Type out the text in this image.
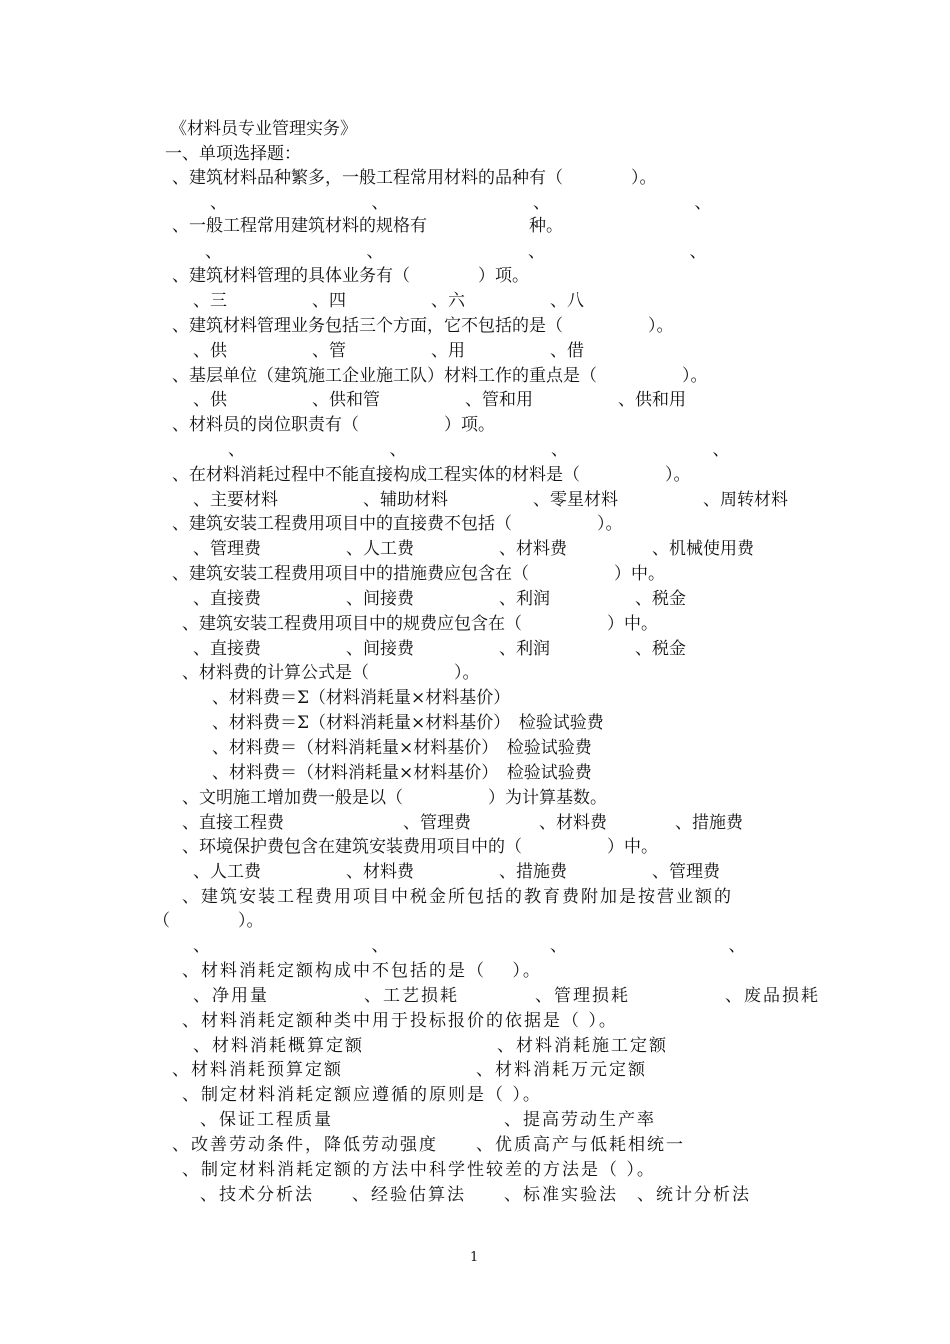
《材料员专业管理实务》
一、单项选择题：
、建筑材料品种繁多，一般工程常用材料的品种有（　　　　）。
、　　　　　　　　　、　　　　　　　　　、　　　　　　　　　、
、一般工程常用建筑材料的规格有　　　　　　种。
、　　　　　　　　　、　　　　　　　　　、　　　　　　　　　、
、建筑材料管理的具体业务有（　　　　）项。
、三　　　　　、四　　　　　、六　　　　　、八
、建筑材料管理业务包括三个方面，它不包括的是（　　　　　）。
、供　　　　　、管　　　　　、用　　　　　、借
、基层单位（建筑施工企业施工队）材料工作的重点是（　　　　　）。
、供　　　　　、供和管　　　　　、管和用　　　　　、供和用
、材料员的岗位职责有（　　　　　）项。
、　　　　　　　　　、　　　　　　　　　、　　　　　　　　　、
、在材料消耗过程中不能直接构成工程实体的材料是（　　　　　）。
、主要材料　　　　　、辅助材料　　　　　、零星材料　　　　　、周转材料
、建筑安装工程费用项目中的直接费不包括（　　　　　）。
、管理费　　　　　、人工费　　　　　、材料费　　　　　、机械使用费
、建筑安装工程费用项目中的措施费应包含在（　　　　　）中。
、直接费　　　　　、间接费　　　　　、利润　　　　　、税金
、建筑安装工程费用项目中的规费应包含在（　　　　　）中。
、直接费　　　　　、间接费　　　　　、利润　　　　　、税金
、材料费的计算公式是（　　　　　）。
、材料费＝Σ（材料消耗量×材料基价）
、材料费＝Σ（材料消耗量×材料基价）　检验试验费
、材料费＝（材料消耗量×材料基价）　检验试验费
、材料费＝（材料消耗量×材料基价）　检验试验费
、文明施工增加费一般是以（　　　　　）为计算基数。
、直接工程费　　　　　　　、管理费　　　　、材料费　　　　、措施费
、环境保护费包含在建筑安装费用项目中的（　　　　　）中。
、人工费　　　　　、材料费　　　　　、措施费　　　　　、管理费
、建筑安装工程费用项目中税金所包括的教育费附加是按营业额的
（　　　　）。
、　　　　　　　　　　、　　　　　　　　　　、　　　　　　　　　　、
、材料消耗定额构成中不包括的是（　 ）。
、净用量　　　　　、工艺损耗　　　　、管理损耗　　　　　、废品损耗
、材料消耗定额种类中用于投标报价的依据是（ ）。
、材料消耗概算定额　　　　　　　、材料消耗施工定额
、材料消耗预算定额　　　　　　　、材料消耗万元定额
、制定材料消耗定额应遵循的原则是（ ）。
、保证工程质量　　　　　　　　　、提高劳动生产率
、改善劳动条件，降低劳动强度　　、优质高产与低耗相统一
、制定材料消耗定额的方法中科学性较差的方法是（ ）。
、技术分析法　　、经验估算法　　、标准实验法　、统计分析法
1
